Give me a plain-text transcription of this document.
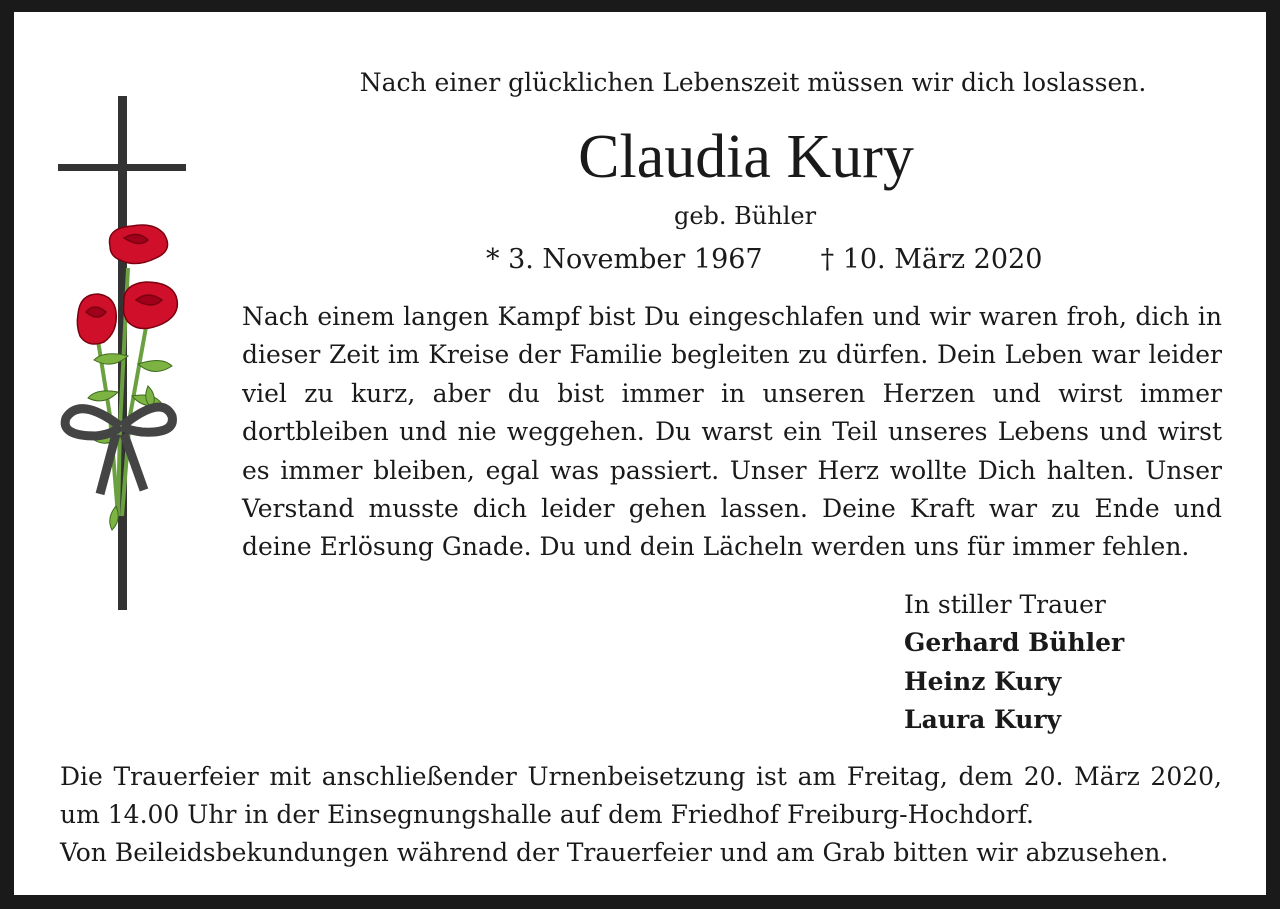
Nach einer glücklichen Lebenszeit müssen wir dich loslassen.
Claudia Kury
geb. Bühler
* 3. November 1967 † 10. März 2020
Nach einem langen Kampf bist Du eingeschlafen und wir waren froh, dich in dieser Zeit im Kreise der Familie begleiten zu dürfen. Dein Leben war leider viel zu kurz, aber du bist immer in unseren Herzen und wirst immer dortbleiben und nie weggehen. Du warst ein Teil unseres Lebens und wirst es immer bleiben, egal was passiert. Unser Herz wollte Dich halten. Unser Verstand musste dich leider gehen lassen. Deine Kraft war zu Ende und deine Erlösung Gnade. Du und dein Lächeln werden uns für immer fehlen.
In stiller Trauer
Gerhard Bühler
Heinz Kury
Laura Kury

Die Trauerfeier mit anschließender Urnenbeisetzung ist am Freitag, dem 20. März 2020, um 14.00 Uhr in der Einsegnungshalle auf dem Friedhof Freiburg-Hochdorf.

Von Beileidsbekundungen während der Trauerfeier und am Grab bitten wir abzusehen.
